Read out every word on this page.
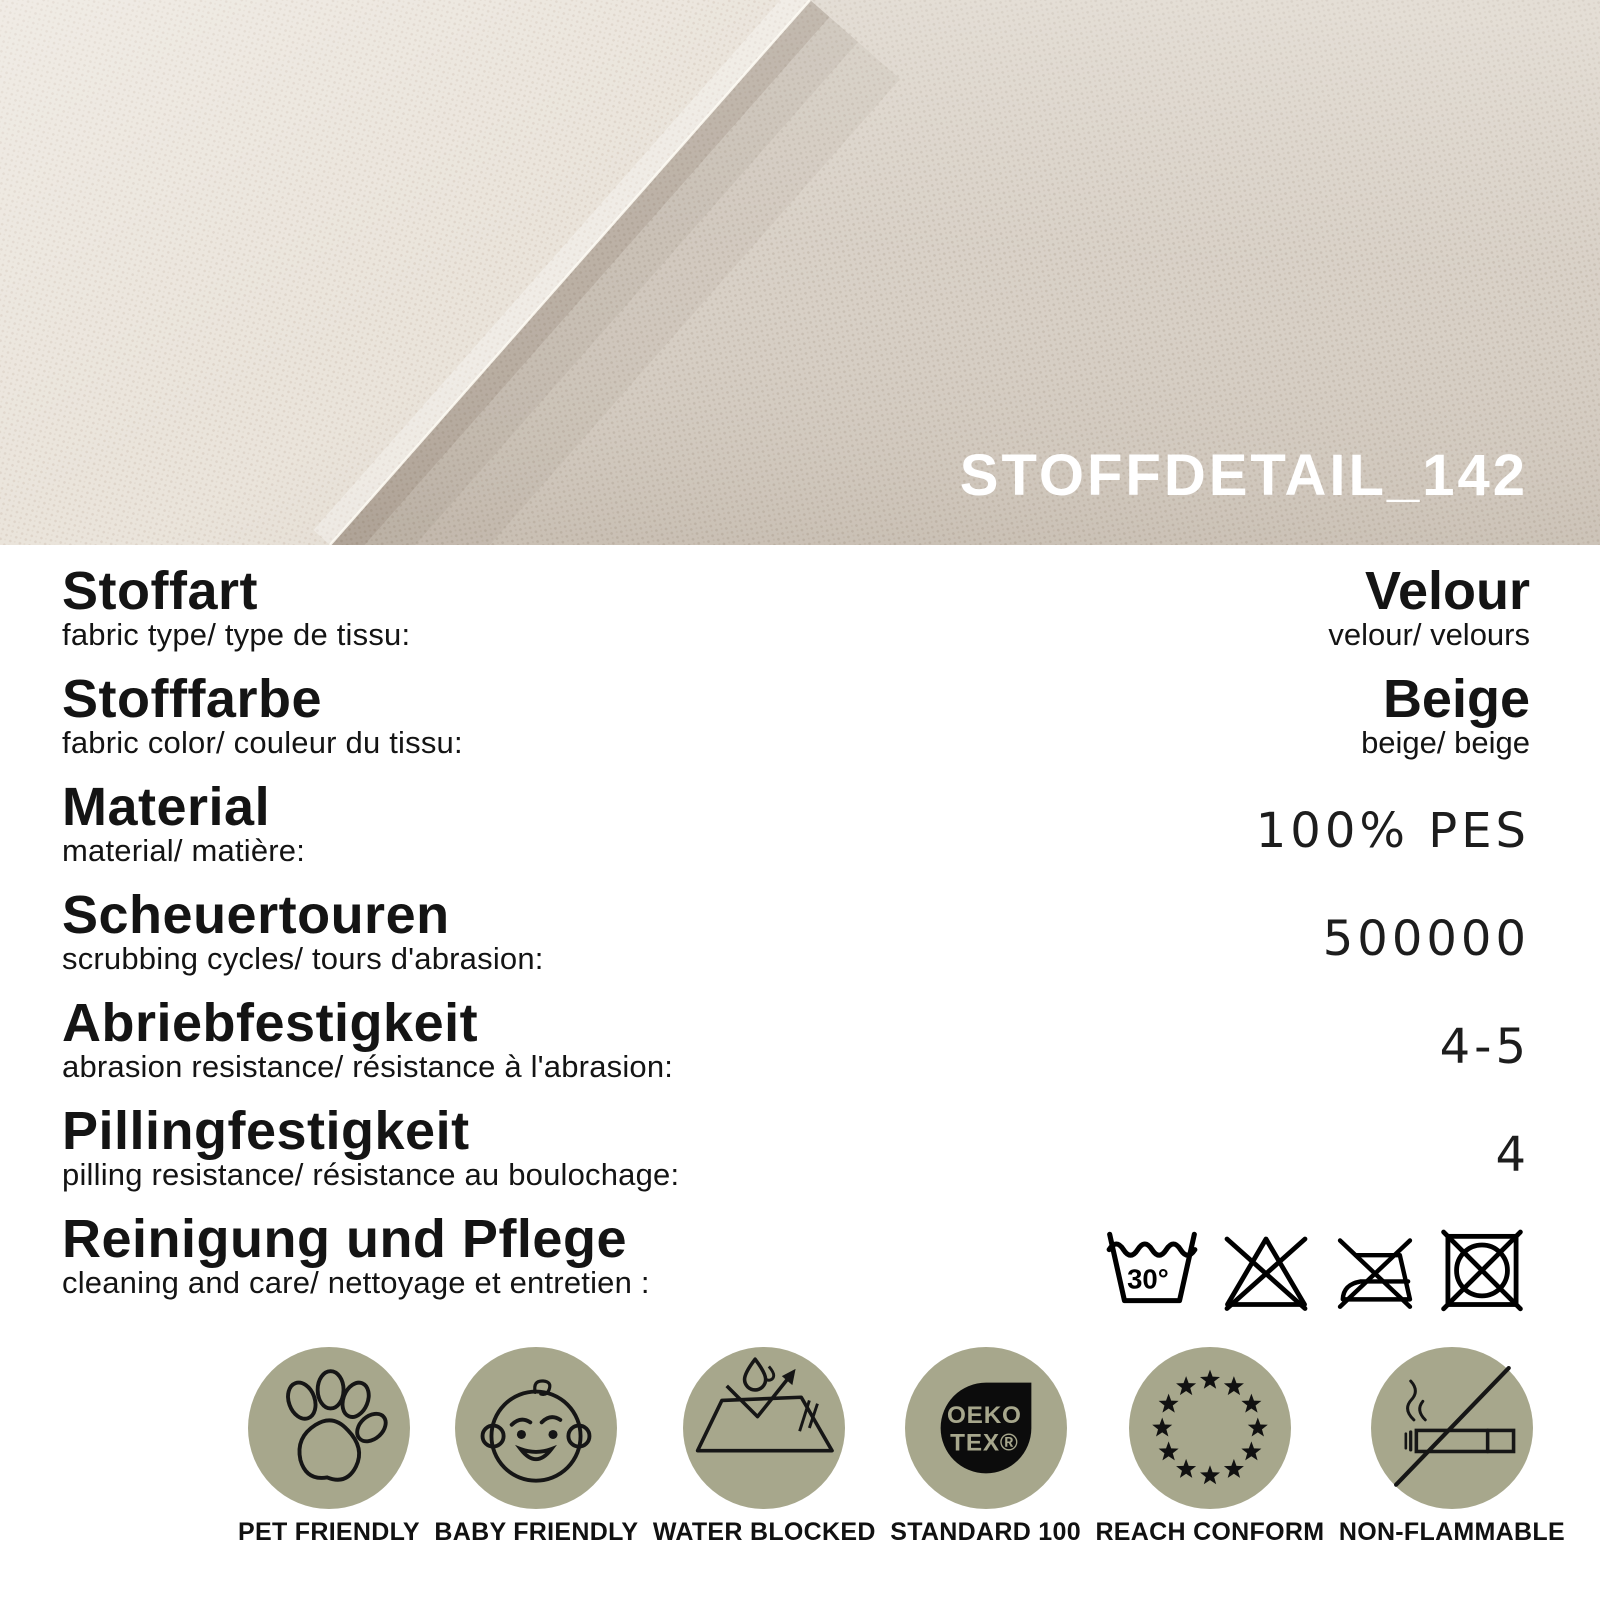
STOFFDETAIL_142
Stoffart
fabric type/ type de tissu:
Velour
velour/ velours
Stofffarbe
fabric color/ couleur du tissu:
Beige
beige/ beige
Material
material/ matière:	100% PES
Scheuertouren
scrubbing cycles/ tours d'abrasion:	500000
Abriebfestigkeit
abrasion resistance/ résistance à l'abrasion:	4-5
Pillingfestigkeit
pilling resistance/ résistance au boulochage:	4
Reinigung und Pflege
cleaning and care/ nettoyage et entretien :	30°
PET FRIENDLY BABY FRIENDLY WATER BLOCKED
OEKO
TEX®
STANDARD 100 REACH CONFORM NON-FLAMMABLE
